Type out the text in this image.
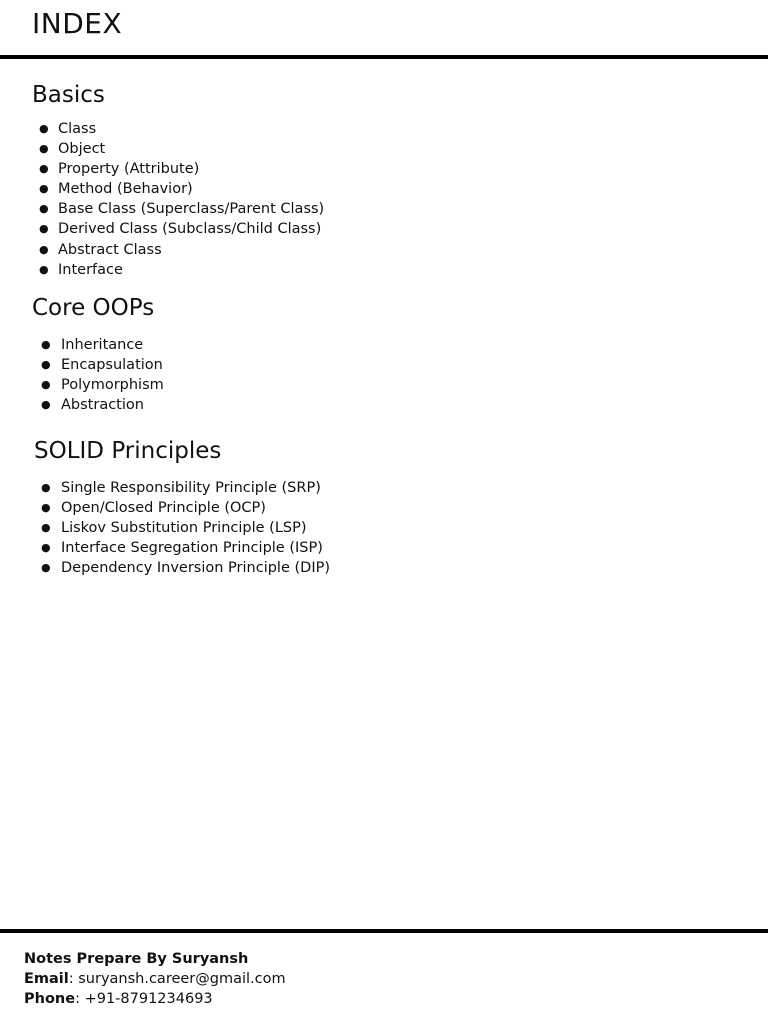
INDEX
Basics
● Class
● Object
● Property (Attribute)
● Method (Behavior)
● Base Class (Superclass/Parent Class)
● Derived Class (Subclass/Child Class)
● Abstract Class
● Interface
Core OOPs
● Inheritance
● Encapsulation
● Polymorphism
● Abstraction
SOLID Principles
● Single Responsibility Principle (SRP)
● Open/Closed Principle (OCP)
● Liskov Substitution Principle (LSP)
● Interface Segregation Principle (ISP)
● Dependency Inversion Principle (DIP)
Notes Prepare By Suryansh
Email: suryansh.career@gmail.com
Phone: +91-8791234693
